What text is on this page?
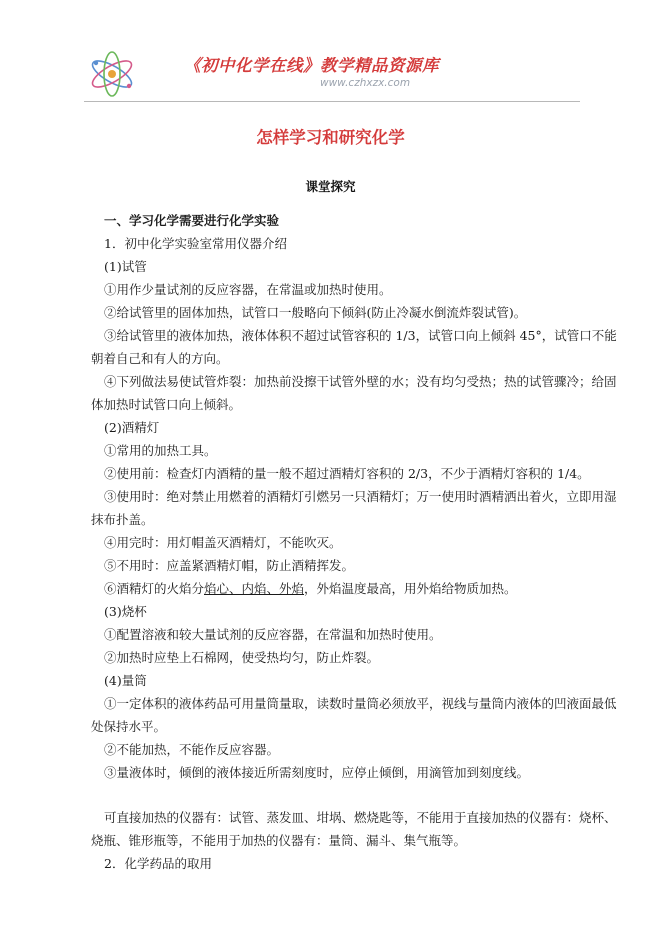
《初中化学在线》教学精品资源库
www.czhxzx.com
怎样学习和研究化学
课堂探究
一、学习化学需要进行化学实验
1．初中化学实验室常用仪器介绍
(1)试管
①用作少量试剂的反应容器，在常温或加热时使用。
②给试管里的固体加热，试管口一般略向下倾斜(防止冷凝水倒流炸裂试管)。
③给试管里的液体加热，液体体积不超过试管容积的 1/3，试管口向上倾斜 45°，试管口不能
朝着自己和有人的方向。
④下列做法易使试管炸裂：加热前没擦干试管外壁的水；没有均匀受热；热的试管骤冷；给固
体加热时试管口向上倾斜。
(2)酒精灯
①常用的加热工具。
②使用前：检查灯内酒精的量一般不超过酒精灯容积的 2/3，不少于酒精灯容积的 1/4。
③使用时：绝对禁止用燃着的酒精灯引燃另一只酒精灯；万一使用时酒精洒出着火，立即用湿
抹布扑盖。
④用完时：用灯帽盖灭酒精灯，不能吹灭。
⑤不用时：应盖紧酒精灯帽，防止酒精挥发。
⑥酒精灯的火焰分焰心、内焰、外焰，外焰温度最高，用外焰给物质加热。
(3)烧杯
①配置溶液和较大量试剂的反应容器，在常温和加热时使用。
②加热时应垫上石棉网，使受热均匀，防止炸裂。
(4)量筒
①一定体积的液体药品可用量筒量取，读数时量筒必须放平，视线与量筒内液体的凹液面最低
处保持水平。
②不能加热，不能作反应容器。
③量液体时，倾倒的液体接近所需刻度时，应停止倾倒，用滴管加到刻度线。
可直接加热的仪器有：试管、蒸发皿、坩埚、燃烧匙等，不能用于直接加热的仪器有：烧杯、
烧瓶、锥形瓶等，不能用于加热的仪器有：量筒、漏斗、集气瓶等。
2．化学药品的取用
